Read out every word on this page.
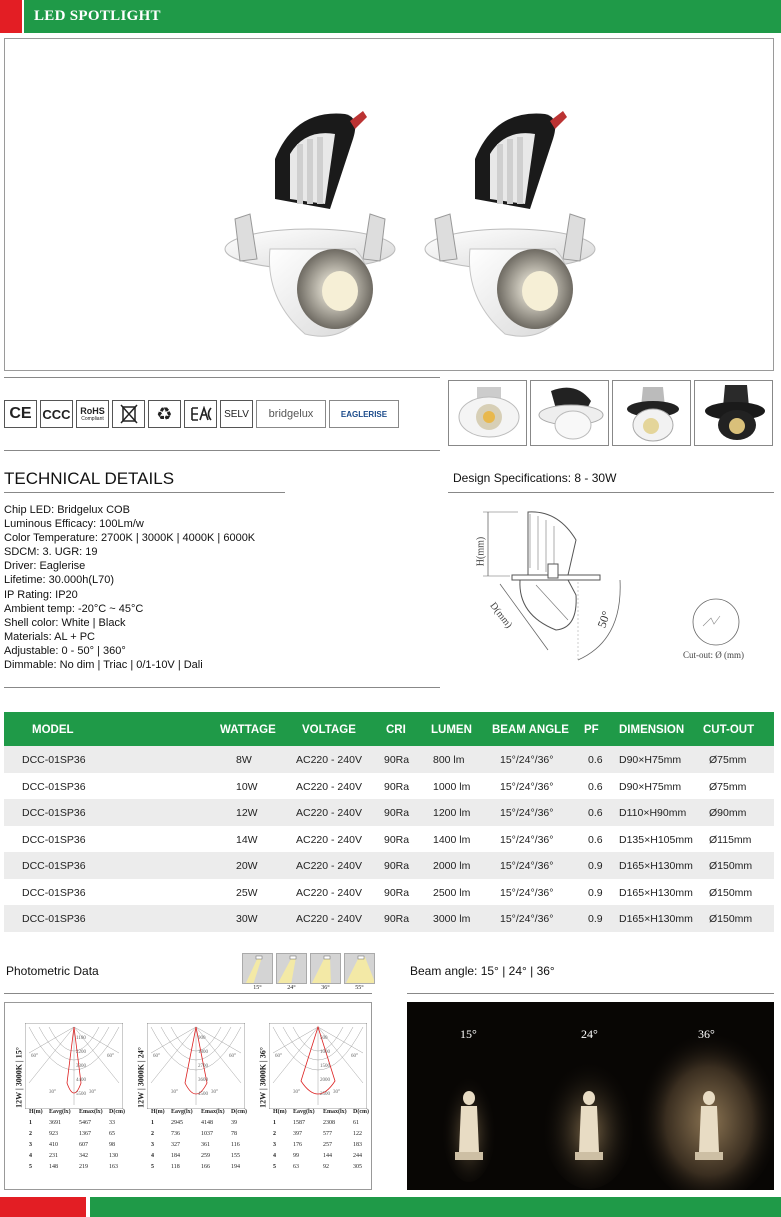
LED SPOTLIGHT
CE CCC RoHS
Compliant	♻	SELV bridgelux	EAGLERISE
TECHNICAL DETAILS
Chip LED: Bridgelux COB
Luminous Efficacy: 100Lm/w
Color Temperature: 2700K | 3000K | 4000K | 6000K
SDCM: 3. UGR: 19
Driver: Eaglerise
Lifetime: 30.000h(L70)
IP Rating: IP20
Ambient temp: -20°C ~ 45°C
Shell color: White | Black
Materials: AL + PC
Adjustable: 0 - 50° | 360°
Dimmable: No dim | Triac | 0/1-10V | Dali
Design Specifications: 8 - 30W
H(mm)
D(mm)	50°
Cut-out: Ø (mm)
MODEL	WATTAGE VOLTAGE	CRI LUMEN BEAM ANGLE PF DIMENSION CUT-OUT
DCC-01SP36	8W	AC220 - 240V 90Ra 800 lm	15°/24°/36°	0.6 D90×H75mm	Ø75mm
DCC-01SP36	10W	AC220 - 240V 90Ra 1000 lm	15°/24°/36°	0.6 D90×H75mm	Ø75mm
DCC-01SP36	12W	AC220 - 240V 90Ra 1200 lm	15°/24°/36°	0.6 D110×H90mm Ø90mm
DCC-01SP36	14W	AC220 - 240V 90Ra 1400 lm	15°/24°/36°	0.6 D135×H105mm Ø115mm
DCC-01SP36	20W	AC220 - 240V 90Ra 2000 lm	15°/24°/36°	0.9 D165×H130mm Ø150mm
DCC-01SP36	25W	AC220 - 240V 90Ra 2500 lm	15°/24°/36°	0.9 D165×H130mm Ø150mm
DCC-01SP36	30W	AC220 - 240V 90Ra 3000 lm	15°/24°/36°	0.9 D165×H130mm Ø150mm
Photometric Data
15°	24°	36°	55°
12W | 3000K | 15°
1100
2200
3300
4400
5500
30°	30°
60°	60°
H(m) Eavg(lx) Emax(lx) D(cm)
1	3691	5467	33
2	923	1367	65
3	410	607	98
4	231	342	130
5	148	219	163
12W | 3000K | 24°
900
1800
2700
3600
4500
30°	30°
60°	60°
H(m) Eavg(lx) Emax(lx) D(cm)
1	2945	4148	39
2	736	1037	78
3	327	361	116
4	184	259	155
5	118	166	194
12W | 3000K | 36°
500
1000
1500
2000
2500
30°	30°
60°	60°
H(m) Eavg(lx) Emax(lx) D(cm)
1	1587	2308	61
2	397	577	122
3	176	257	183
4	99	144	244
5	63	92	305
Beam angle: 15° | 24° | 36°
15°	24°	36°
